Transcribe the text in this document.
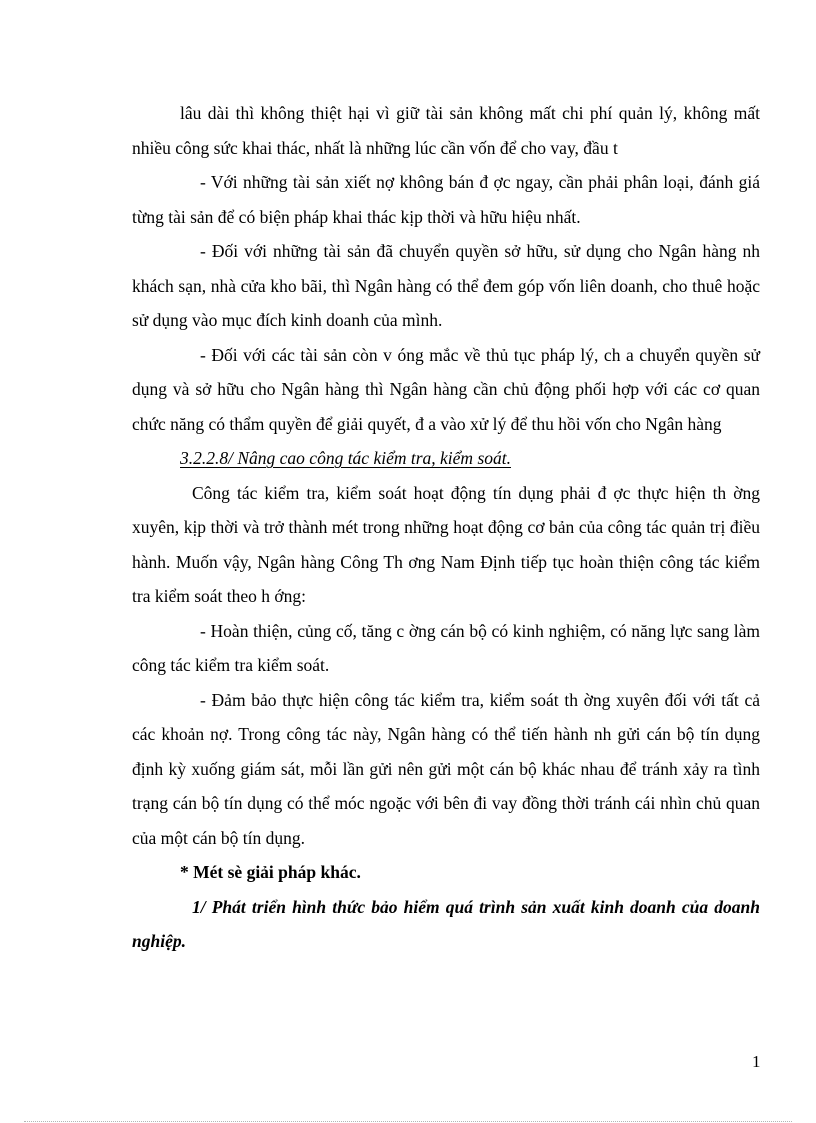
lâu dài thì không thiệt hại vì giữ tài sản không mất chi phí quản lý, không mất nhiều công sức khai thác, nhất là những lúc cần vốn để cho vay, đầu t

- Với những tài sản xiết nợ không bán đ ợc ngay, cần phải phân loại, đánh giá từng tài sản để có biện pháp khai thác kịp thời và hữu hiệu nhất.

- Đối với những tài sản đã chuyển quyền sở hữu, sử dụng cho Ngân hàng nh khách sạn, nhà cửa kho bãi, thì Ngân hàng có thể đem góp vốn liên doanh, cho thuê hoặc sử dụng vào mục đích kinh doanh của mình.

- Đối với các tài sản còn v óng mắc về thủ tục pháp lý, ch a chuyển quyền sử dụng và sở hữu cho Ngân hàng thì Ngân hàng cần chủ động phối hợp với các cơ quan chức năng có thẩm quyền để giải quyết, đ a vào xử lý để thu hồi vốn cho Ngân hàng

3.2.2.8/ Nâng cao công tác kiểm tra, kiểm soát.

Công tác kiểm tra, kiểm soát hoạt động tín dụng phải đ ợc thực hiện th ờng xuyên, kịp thời và trở thành mét trong những hoạt động cơ bản của công tác quản trị điều hành. Muốn vậy, Ngân hàng Công Th ơng Nam Định tiếp tục hoàn thiện công tác kiểm tra kiểm soát theo h ớng:

- Hoàn thiện, củng cố, tăng c ờng cán bộ có kinh nghiệm, có năng lực sang làm công tác kiểm tra kiểm soát.

- Đảm bảo thực hiện công tác kiểm tra, kiểm soát th ờng xuyên đối với tất cả các khoản nợ. Trong công tác này, Ngân hàng có thể tiến hành nh gửi cán bộ tín dụng định kỳ xuống giám sát, mỗi lần gửi nên gửi một cán bộ khác nhau để tránh xảy ra tình trạng cán bộ tín dụng có thể móc ngoặc với bên đi vay đồng thời tránh cái nhìn chủ quan của một cán bộ tín dụng.

* Mét sè giải pháp khác.

1/ Phát triển hình thức bảo hiểm quá trình sản xuất kinh doanh của doanh nghiệp.

1
